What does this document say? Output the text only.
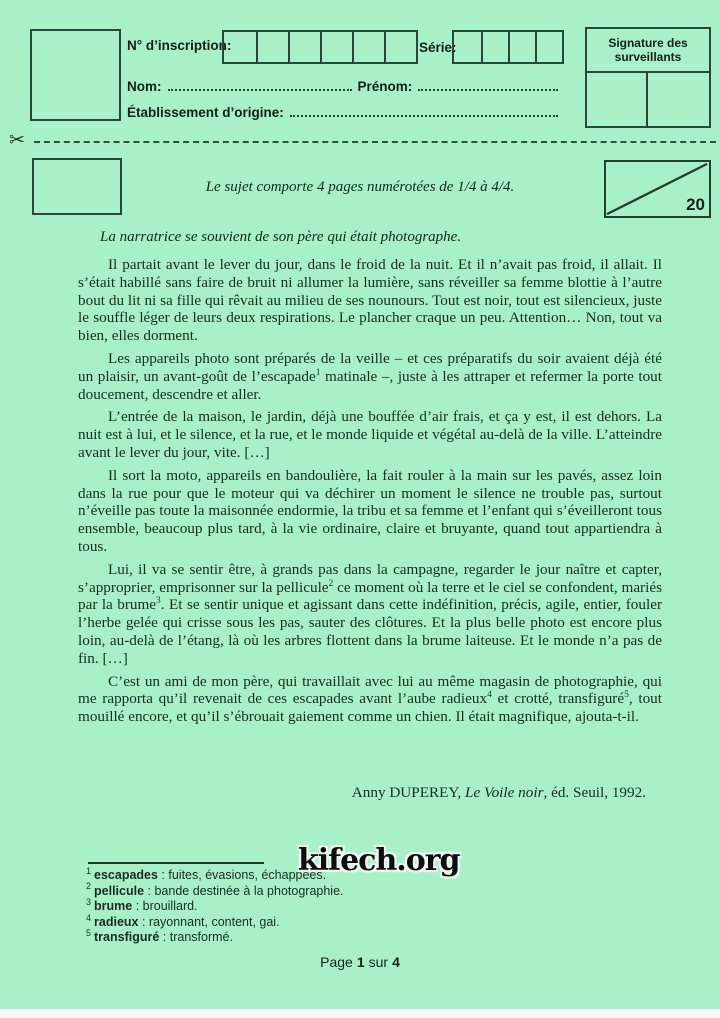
N° d’inscription:	Série:
Nom:	Prénom:
Établissement d’origine:
Signature des surveillants
✂
Le sujet comporte 4 pages numérotées de 1/4 à 4/4.
20
La narratrice se souvient de son père qui était photographe.

Il partait avant le lever du jour, dans le froid de la nuit. Et il n’avait pas froid, il allait. Il s’était habillé sans faire de bruit ni allumer la lumière, sans réveiller sa femme blottie à l’autre bout du lit ni sa fille qui rêvait au milieu de ses nounours. Tout est noir, tout est silencieux, juste le souffle léger de leurs deux respirations. Le plancher craque un peu. Attention… Non, tout va bien, elles dorment.

Les appareils photo sont préparés de la veille – et ces préparatifs du soir avaient déjà été un plaisir, un avant-goût de l’escapade$^1$ matinale –, juste à les attraper et refermer la porte tout doucement, descendre et aller.

L’entrée de la maison, le jardin, déjà une bouffée d’air frais, et ça y est, il est dehors. La nuit est à lui, et le silence, et la rue, et le monde liquide et végétal au-delà de la ville. L’atteindre avant le lever du jour, vite. […]

Il sort la moto, appareils en bandoulière, la fait rouler à la main sur les pavés, assez loin dans la rue pour que le moteur qui va déchirer un moment le silence ne trouble pas, surtout n’éveille pas toute la maisonnée endormie, la tribu et sa femme et l’enfant qui s’éveilleront tous ensemble, beaucoup plus tard, à la vie ordinaire, claire et bruyante, quand tout appartiendra à tous.

Lui, il va se sentir être, à grands pas dans la campagne, regarder le jour naître et capter, s’approprier, emprisonner sur la pellicule$^2$ ce moment où la terre et le ciel se confondent, mariés par la brume$^3$. Et se sentir unique et agissant dans cette indéfinition, précis, agile, entier, fouler l’herbe gelée qui crisse sous les pas, sauter des clôtures. Et la plus belle photo est encore plus loin, au-delà de l’étang, là où les arbres flottent dans la brume laiteuse. Et le monde n’a pas de fin. […]

C’est un ami de mon père, qui travaillait avec lui au même magasin de photographie, qui me rapporta qu’il revenait de ces escapades avant l’aube radieux$^4$ et crotté, transfiguré$^5$, tout mouillé encore, et qu’il s’ébrouait gaiement comme un chien. Il était magnifique, ajouta-t-il.

Anny DUPEREY, Le Voile noir, éd. Seuil, 1992.
$^1$ escapades : fuites, évasions, échappées.
$^2$ pellicule : bande destinée à la photographie.
$^3$ brume : brouillard.
$^4$ radieux : rayonnant, content, gai.
$^5$ transfiguré : transformé.
kifech.org
Page 1 sur 4
